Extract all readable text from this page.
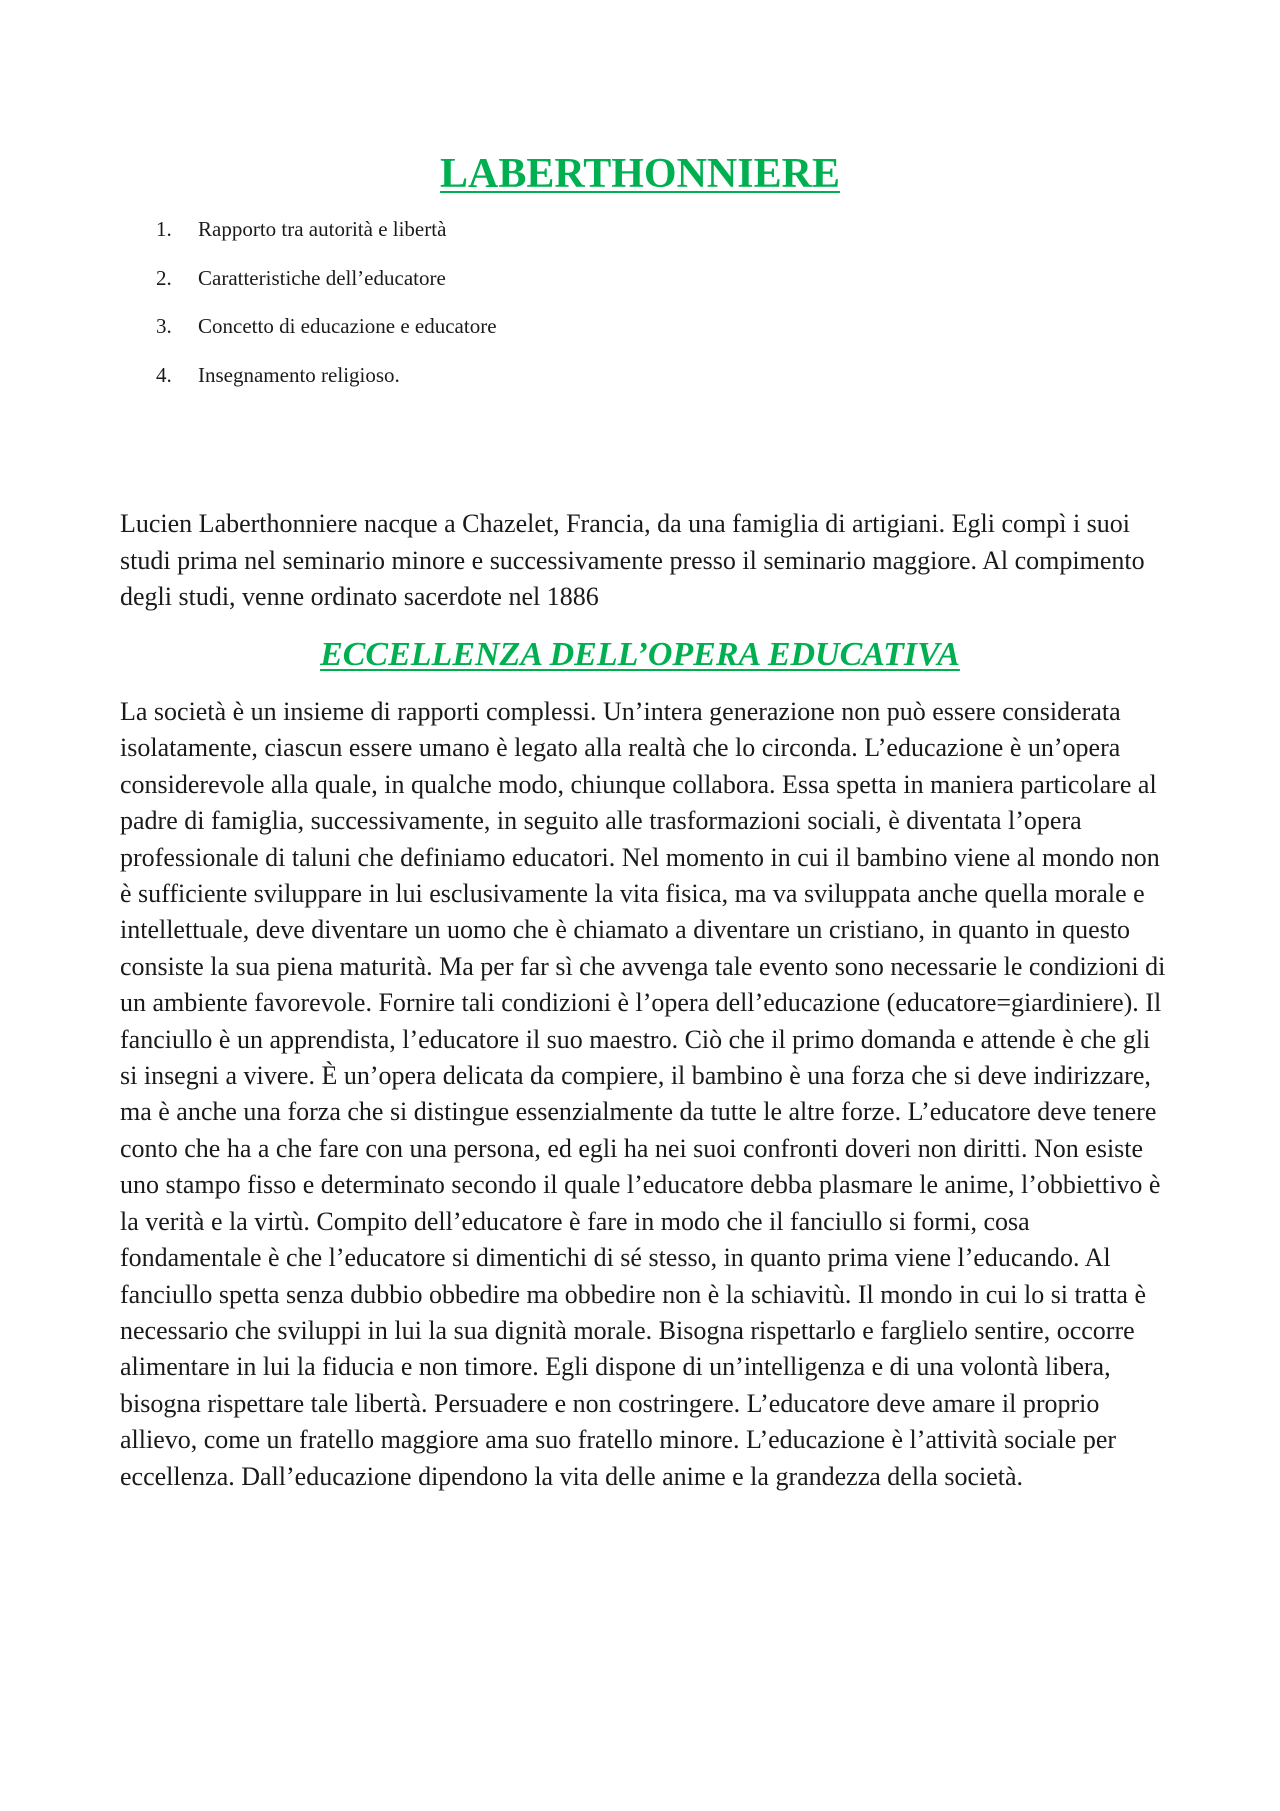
LABERTHONNIERE
1.	Rapporto tra autorità e libertà
2.	Caratteristiche dell’educatore
3.	Concetto di educazione e educatore
4.	Insegnamento religioso.

Lucien Laberthonniere nacque a Chazelet, Francia, da una famiglia di artigiani. Egli compì i suoi studi prima nel seminario minore e successivamente presso il seminario maggiore. Al compimento degli studi, venne ordinato sacerdote nel 1886

ECCELLENZA DELL’OPERA EDUCATIVA

La società è un insieme di rapporti complessi. Un’intera generazione non può essere considerata isolatamente, ciascun essere umano è legato alla realtà che lo circonda. L’educazione è un’opera considerevole alla quale, in qualche modo, chiunque collabora. Essa spetta in maniera particolare al padre di famiglia, successivamente, in seguito alle trasformazioni sociali, è diventata l’opera professionale di taluni che definiamo educatori. Nel momento in cui il bambino viene al mondo non è sufficiente sviluppare in lui esclusivamente la vita fisica, ma va sviluppata anche quella morale e intellettuale, deve diventare un uomo che è chiamato a diventare un cristiano, in quanto in questo consiste la sua piena maturità. Ma per far sì che avvenga tale evento sono necessarie le condizioni di un ambiente favorevole. Fornire tali condizioni è l’opera dell’educazione (educatore=giardiniere). Il fanciullo è un apprendista, l’educatore il suo maestro. Ciò che il primo domanda e attende è che gli si insegni a vivere. È un’opera delicata da compiere, il bambino è una forza che si deve indirizzare, ma è anche una forza che si distingue essenzialmente da tutte le altre forze. L’educatore deve tenere conto che ha a che fare con una persona, ed egli ha nei suoi confronti doveri non diritti. Non esiste uno stampo fisso e determinato secondo il quale l’educatore debba plasmare le anime, l’obbiettivo è la verità e la virtù. Compito dell’educatore è fare in modo che il fanciullo si formi, cosa fondamentale è che l’educatore si dimentichi di sé stesso, in quanto prima viene l’educando. Al fanciullo spetta senza dubbio obbedire ma obbedire non è la schiavitù. Il mondo in cui lo si tratta è necessario che sviluppi in lui la sua dignità morale. Bisogna rispettarlo e farglielo sentire, occorre alimentare in lui la fiducia e non timore. Egli dispone di un’intelligenza e di una volontà libera, bisogna rispettare tale libertà. Persuadere e non costringere. L’educatore deve amare il proprio allievo, come un fratello maggiore ama suo fratello minore. L’educazione è l’attività sociale per eccellenza. Dall’educazione dipendono la vita delle anime e la grandezza della società.
